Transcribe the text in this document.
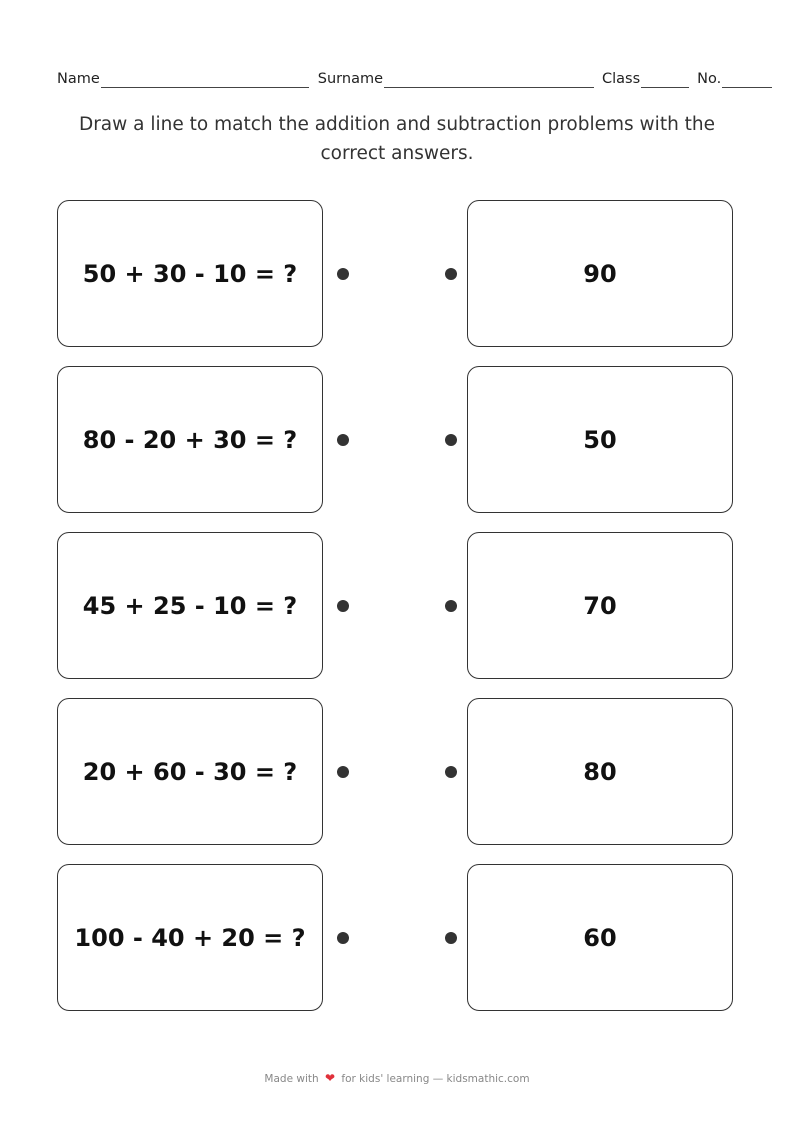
Name	Surname	Class	No.
Draw a line to match the addition and subtraction problems with the correct answers.
50 + 30 - 10 = ?	90
80 - 20 + 30 = ?	50
45 + 25 - 10 = ?	70
20 + 60 - 30 = ?	80
100 - 40 + 20 = ?	60
Made with ❤ for kids' learning — kidsmathic.com
